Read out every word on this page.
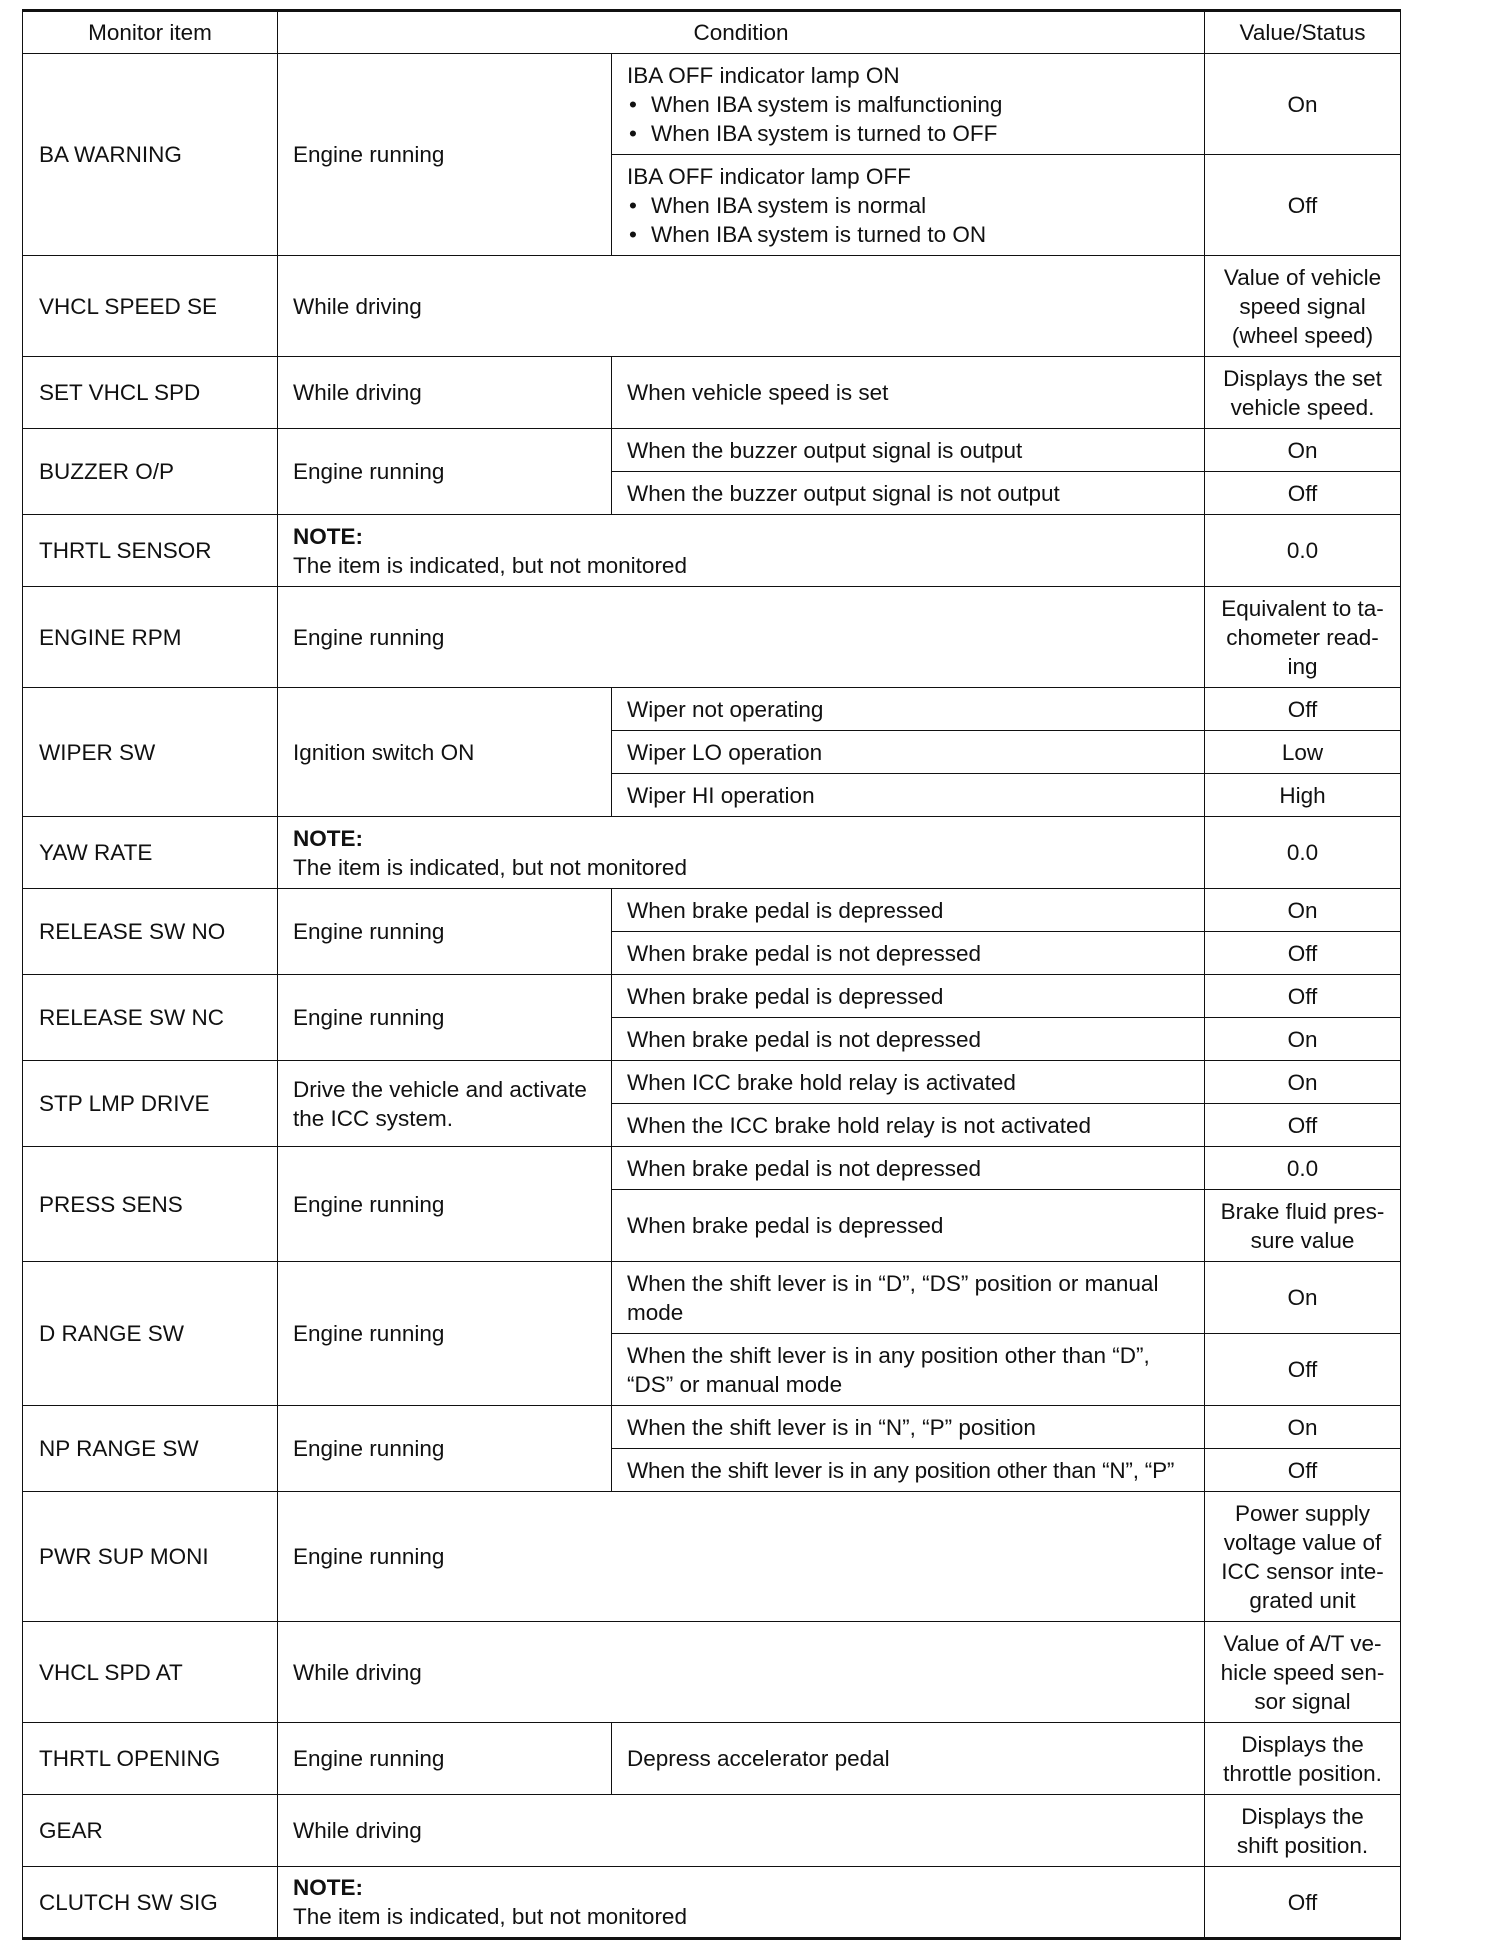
Monitor item	Condition		Value/Status
BA WARNING	Engine running	IBA OFF indicator lamp ON
• When IBA system is malfunctioning
• When IBA system is turned to OFF	On

		IBA OFF indicator lamp OFF
• When IBA system is normal
• When IBA system is turned to ON	Off
VHCL SPEED SE	While driving		Value of vehicle
speed signal
(wheel speed)

SET VHCL SPD	While driving	When vehicle speed is set	Displays the set
vehicle speed.

BUZZER O/P	Engine running	When the buzzer output signal is output	On
		When the buzzer output signal is not output	Off
THRTL SENSOR	NOTE:
The item is indicated, but not monitored		0.0
ENGINE RPM	Engine running		Equivalent to ta-
chometer read-
ing

WIPER SW	Ignition switch ON	Wiper not operating	Off
		Wiper LO operation	Low
		Wiper HI operation	High
YAW RATE	NOTE:
The item is indicated, but not monitored		0.0
RELEASE SW NO	Engine running	When brake pedal is depressed	On
		When brake pedal is not depressed	Off
RELEASE SW NC	Engine running	When brake pedal is depressed	Off
		When brake pedal is not depressed	On
STP LMP DRIVE	Drive the vehicle and activate
the ICC system.	When ICC brake hold relay is activated	On
		When the ICC brake hold relay is not activated	Off
PRESS SENS	Engine running	When brake pedal is not depressed	0.0
		When brake pedal is depressed	Brake fluid pres-
sure value

D RANGE SW	Engine running	When the shift lever is in “D”, “DS” position or manual
mode	On

		When the shift lever is in any position other than “D”,
“DS” or manual mode	Off
NP RANGE SW	Engine running	When the shift lever is in “N”, “P” position	On
		When the shift lever is in any position other than “N”, “P”	Off
PWR SUP MONI	Engine running		Power supply
voltage value of
ICC sensor inte-
grated unit

VHCL SPD AT	While driving		Value of A/T ve-
hicle speed sen-
sor signal

THRTL OPENING	Engine running	Depress accelerator pedal	Displays the
throttle position.

GEAR	While driving		Displays the
shift position.

CLUTCH SW SIG	NOTE:
The item is indicated, but not monitored		Off
